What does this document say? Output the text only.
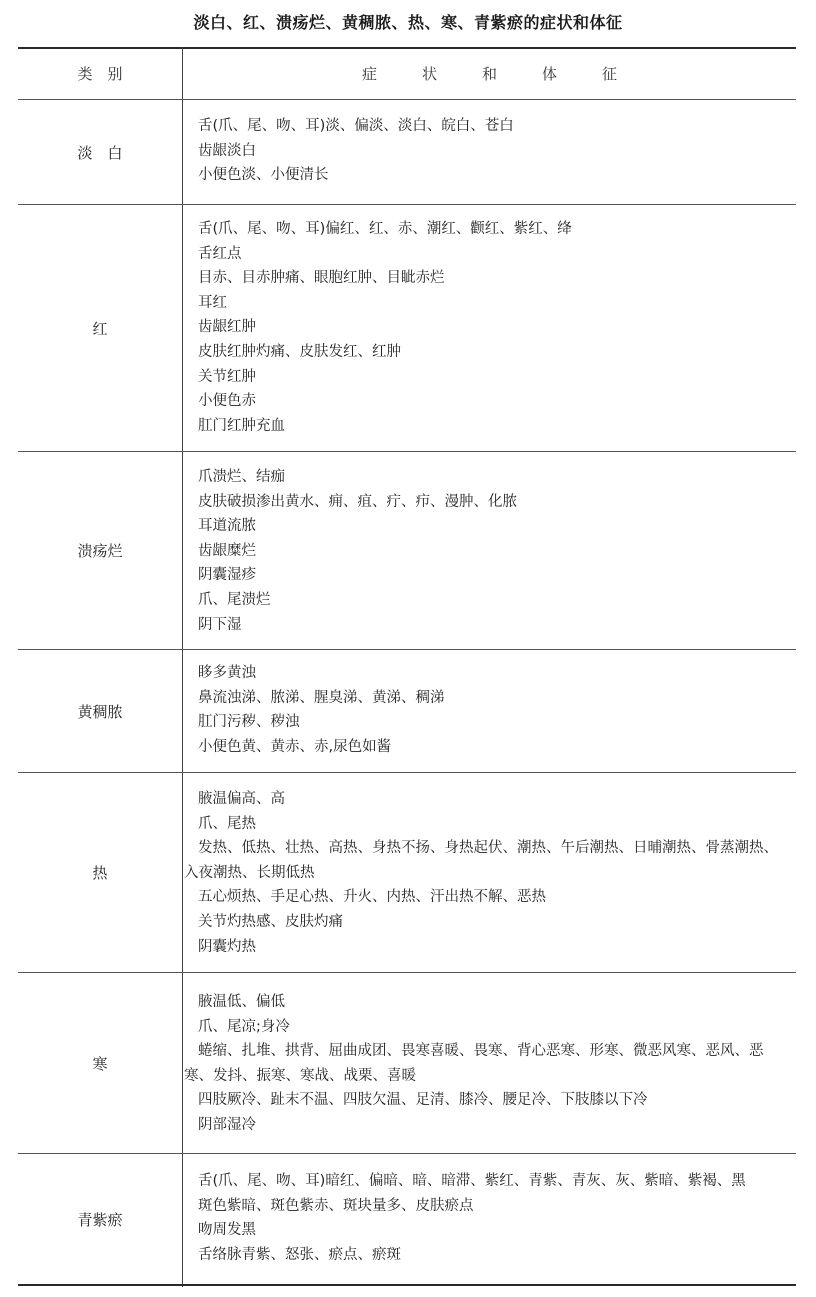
淡白、红、溃疡烂、黄稠脓、热、寒、青紫瘀的症状和体征
类　别	症　　　状　　　和　　　体　　　征
淡　白
舌(爪、尾、吻、耳)淡、偏淡、淡白、皖白、苍白
齿龈淡白
小便色淡、小便清长
红
舌(爪、尾、吻、耳)偏红、红、赤、潮红、颧红、紫红、绛
舌红点
目赤、目赤肿痛、眼胞红肿、目眦赤烂
耳红
齿龈红肿
皮肤红肿灼痛、皮肤发红、红肿
关节红肿
小便色赤
肛门红肿充血
溃疡烂
爪溃烂、结痂
皮肤破损渗出黄水、痈、疽、疔、疖、漫肿、化脓
耳道流脓
齿龈糜烂
阴囊湿疹
爪、尾溃烂
阴下湿
黄稠脓
眵多黄浊
鼻流浊涕、脓涕、腥臭涕、黄涕、稠涕
肛门污秽、秽浊
小便色黄、黄赤、赤,尿色如酱
热
腋温偏高、高
爪、尾热
发热、低热、壮热、高热、身热不扬、身热起伏、潮热、午后潮热、日晡潮热、骨蒸潮热、入夜潮热、长期低热
五心烦热、手足心热、升火、内热、汗出热不解、恶热
关节灼热感、皮肤灼痛
阴囊灼热
寒
腋温低、偏低
爪、尾凉;身冷
蜷缩、扎堆、拱背、屈曲成团、畏寒喜暖、畏寒、背心恶寒、形寒、微恶风寒、恶风、恶寒、发抖、振寒、寒战、战栗、喜暖
四肢厥冷、趾末不温、四肢欠温、足清、膝冷、腰足冷、下肢膝以下冷
阴部湿冷
青紫瘀
舌(爪、尾、吻、耳)暗红、偏暗、暗、暗滞、紫红、青紫、青灰、灰、紫暗、紫褐、黑
斑色紫暗、斑色紫赤、斑块量多、皮肤瘀点
吻周发黑
舌络脉青紫、怒张、瘀点、瘀斑
